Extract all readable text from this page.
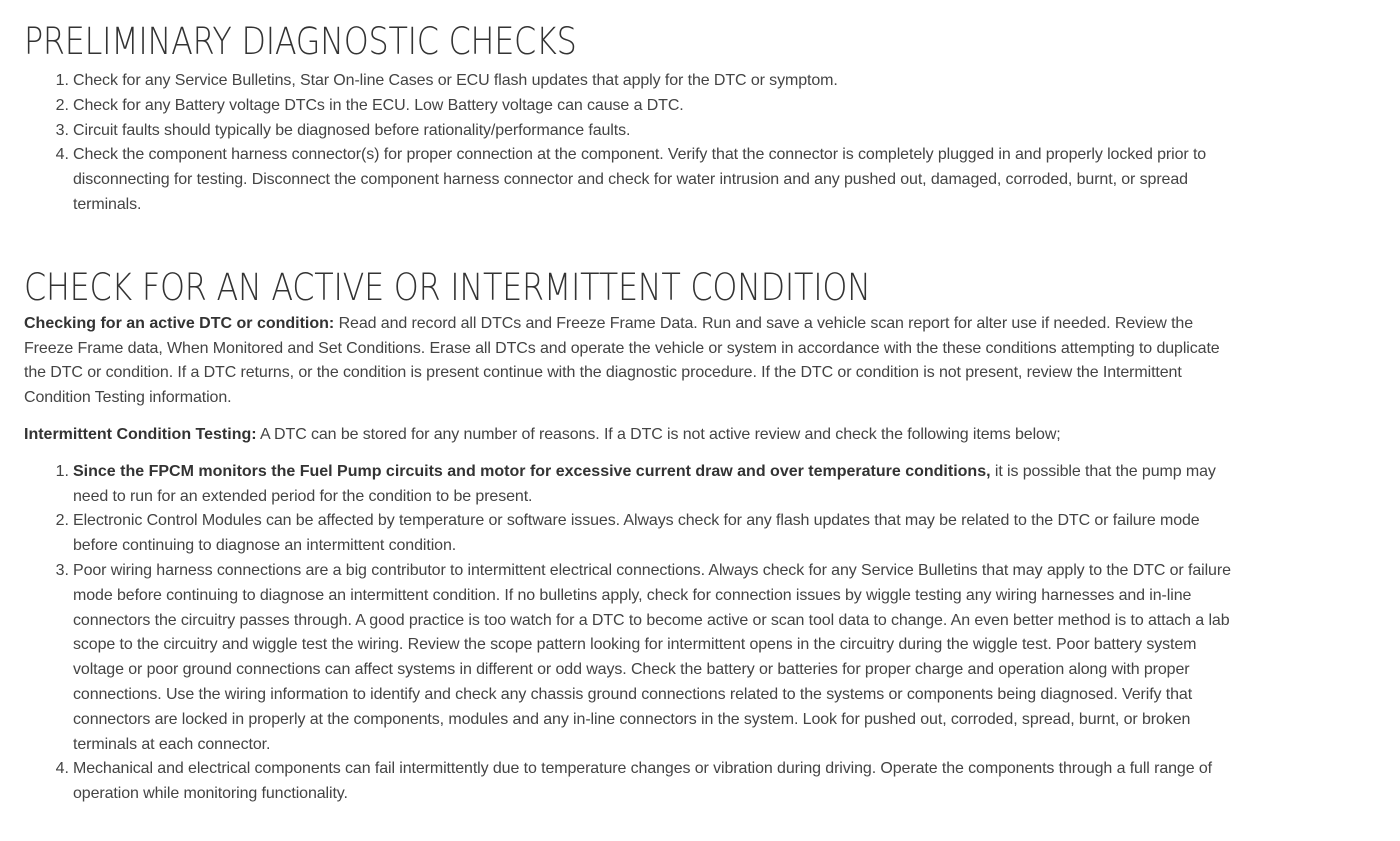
PRELIMINARY DIAGNOSTIC CHECKS
Check for any Service Bulletins, Star On-line Cases or ECU flash updates that apply for the DTC or symptom.
Check for any Battery voltage DTCs in the ECU. Low Battery voltage can cause a DTC.
Circuit faults should typically be diagnosed before rationality/performance faults.
Check the component harness connector(s) for proper connection at the component. Verify that the connector is completely plugged in and properly locked prior to disconnecting for testing. Disconnect the component harness connector and check for water intrusion and any pushed out, damaged, corroded, burnt, or spread terminals.
CHECK FOR AN ACTIVE OR INTERMITTENT CONDITION

Checking for an active DTC or condition: Read and record all DTCs and Freeze Frame Data. Run and save a vehicle scan report for alter use if needed. Review the Freeze Frame data, When Monitored and Set Conditions. Erase all DTCs and operate the vehicle or system in accordance with the these conditions attempting to duplicate the DTC or condition. If a DTC returns, or the condition is present continue with the diagnostic procedure. If the DTC or condition is not present, review the Intermittent Condition Testing information.

Intermittent Condition Testing: A DTC can be stored for any number of reasons. If a DTC is not active review and check the following items below;

Since the FPCM monitors the Fuel Pump circuits and motor for excessive current draw and over temperature conditions, it is possible that the pump may need to run for an extended period for the condition to be present.
Electronic Control Modules can be affected by temperature or software issues. Always check for any flash updates that may be related to the DTC or failure mode before continuing to diagnose an intermittent condition.
Poor wiring harness connections are a big contributor to intermittent electrical connections. Always check for any Service Bulletins that may apply to the DTC or failure mode before continuing to diagnose an intermittent condition. If no bulletins apply, check for connection issues by wiggle testing any wiring harnesses and in-line connectors the circuitry passes through. A good practice is too watch for a DTC to become active or scan tool data to change. An even better method is to attach a lab scope to the circuitry and wiggle test the wiring. Review the scope pattern looking for intermittent opens in the circuitry during the wiggle test. Poor battery system voltage or poor ground connections can affect systems in different or odd ways. Check the battery or batteries for proper charge and operation along with proper connections. Use the wiring information to identify and check any chassis ground connections related to the systems or components being diagnosed. Verify that connectors are locked in properly at the components, modules and any in-line connectors in the system. Look for pushed out, corroded, spread, burnt, or broken terminals at each connector.
Mechanical and electrical components can fail intermittently due to temperature changes or vibration during driving. Operate the components through a full range of operation while monitoring functionality.
